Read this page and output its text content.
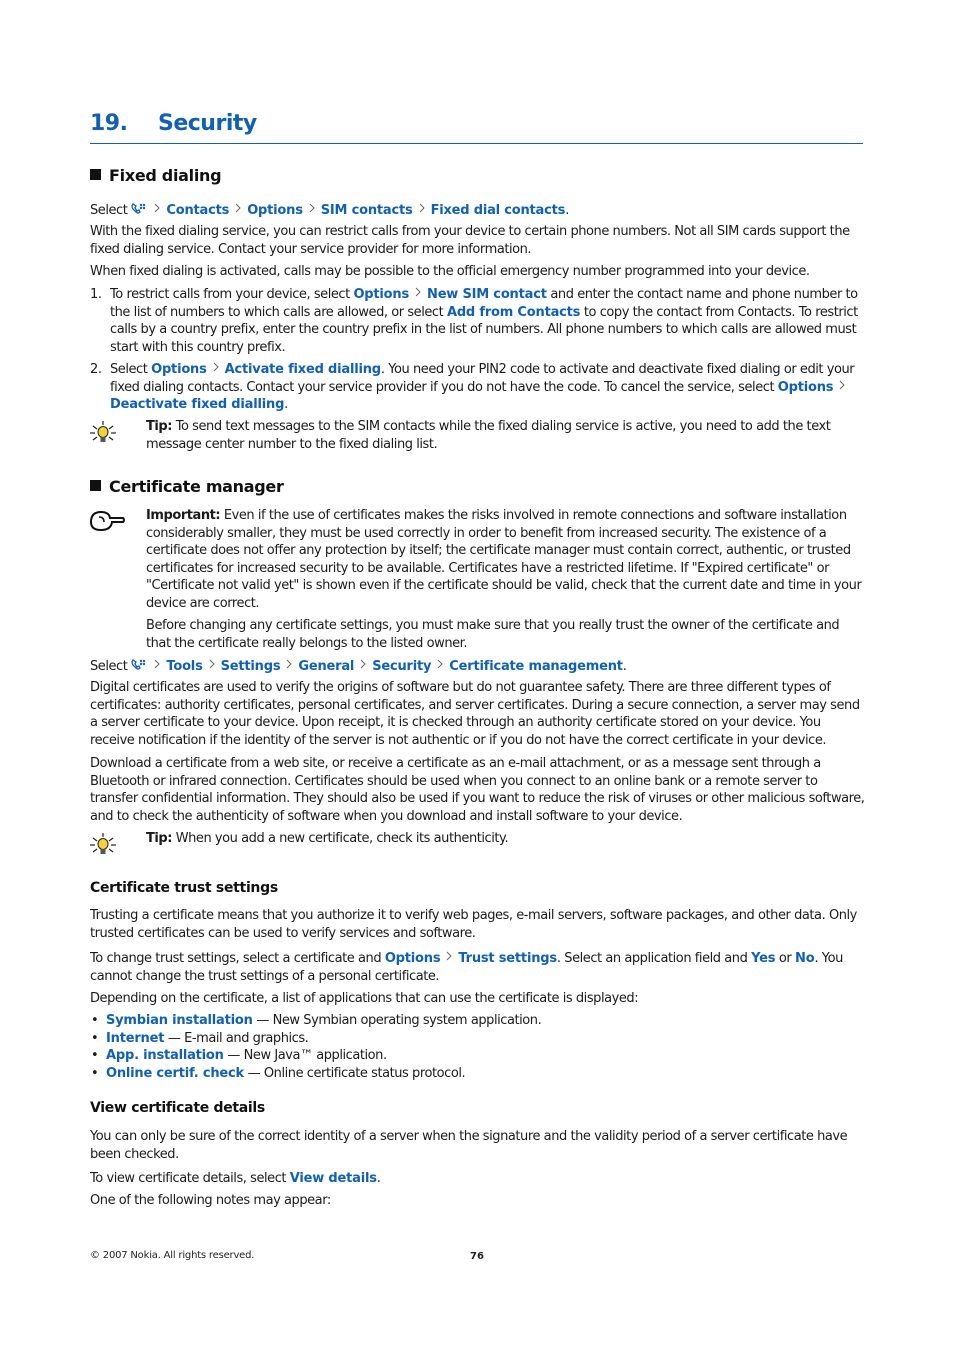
19. Security
Fixed dialing
Select	Contacts Options SIM contacts Fixed dial contacts.
With the fixed dialing service, you can restrict calls from your device to certain phone numbers. Not all SIM cards support the fixed dialing service. Contact your service provider for more information.
When fixed dialing is activated, calls may be possible to the official emergency number programmed into your device.
1. To restrict calls from your device, select Options New SIM contact and enter the contact name and phone number to the list of numbers to which calls are allowed, or select Add from Contacts to copy the contact from Contacts. To restrict calls by a country prefix, enter the country prefix in the list of numbers. All phone numbers to which calls are allowed must start with this country prefix.
2. Select Options Activate fixed dialling. You need your PIN2 code to activate and deactivate fixed dialing or edit your fixed dialing contacts. Contact your service provider if you do not have the code. To cancel the service, select Options
Deactivate fixed dialling.
Tip: To send text messages to the SIM contacts while the fixed dialing service is active, you need to add the text message center number to the fixed dialing list.
Certificate manager
Important: Even if the use of certificates makes the risks involved in remote connections and software installation considerably smaller, they must be used correctly in order to benefit from increased security. The existence of a certificate does not offer any protection by itself; the certificate manager must contain correct, authentic, or trusted certificates for increased security to be available. Certificates have a restricted lifetime. If "Expired certificate" or "Certificate not valid yet" is shown even if the certificate should be valid, check that the current date and time in your device are correct.
Before changing any certificate settings, you must make sure that you really trust the owner of the certificate and that the certificate really belongs to the listed owner.
Select	Tools Settings General Security Certificate management.
Digital certificates are used to verify the origins of software but do not guarantee safety. There are three different types of certificates: authority certificates, personal certificates, and server certificates. During a secure connection, a server may send a server certificate to your device. Upon receipt, it is checked through an authority certificate stored on your device. You receive notification if the identity of the server is not authentic or if you do not have the correct certificate in your device.
Download a certificate from a web site, or receive a certificate as an e-mail attachment, or as a message sent through a Bluetooth or infrared connection. Certificates should be used when you connect to an online bank or a remote server to transfer confidential information. They should also be used if you want to reduce the risk of viruses or other malicious software, and to check the authenticity of software when you download and install software to your device.
Tip: When you add a new certificate, check its authenticity.
Certificate trust settings
Trusting a certificate means that you authorize it to verify web pages, e-mail servers, software packages, and other data. Only trusted certificates can be used to verify services and software.
To change trust settings, select a certificate and Options Trust settings. Select an application field and Yes or No. You cannot change the trust settings of a personal certificate.
Depending on the certificate, a list of applications that can use the certificate is displayed:
• Symbian installation — New Symbian operating system application.
• Internet — E-mail and graphics.
• App. installation — New Java™ application.
• Online certif. check — Online certificate status protocol.
View certificate details
You can only be sure of the correct identity of a server when the signature and the validity period of a server certificate have been checked.
To view certificate details, select View details.
One of the following notes may appear:
© 2007 Nokia. All rights reserved.	76
